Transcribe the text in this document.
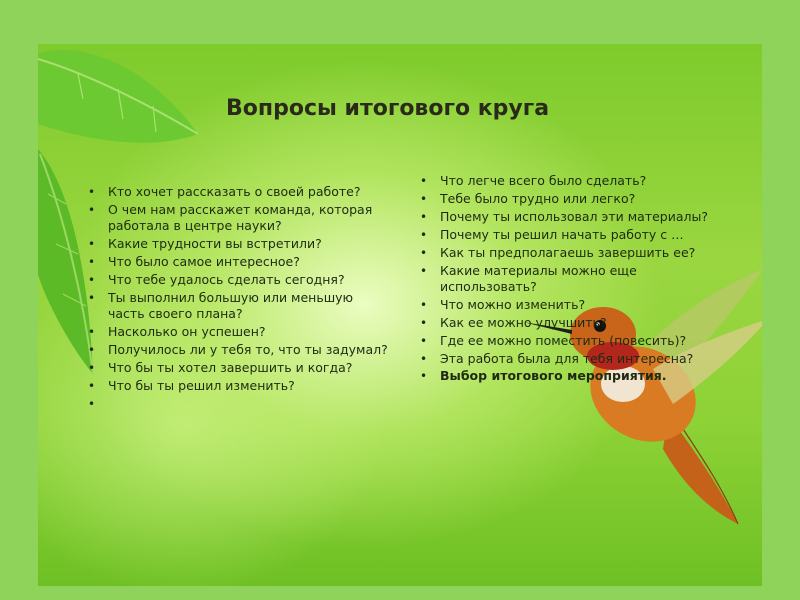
Вопросы итогового круга
• Кто хочет рассказать о своей работе?
• О чем нам расскажет команда, которая работала в центре науки?
• Какие трудности вы встретили?
• Что было самое интересное?
• Что тебе удалось сделать сегодня?
• Ты выполнил большую или меньшую часть своего плана?
• Насколько он успешен?
• Получилось ли у тебя то, что ты задумал?
• Что бы ты хотел завершить и когда?
• Что бы ты решил изменить?
•
• Что легче всего было сделать?
• Тебе было трудно или легко?
• Почему ты использовал эти материалы?
• Почему ты решил начать работу с …
• Как ты предполагаешь завершить ее?
• Какие материалы можно еще использовать?
• Что можно изменить?
• Как ее можно улучшить?
• Где ее можно поместить (повесить)?
• Эта работа была для тебя интересна?
• Выбор итогового мероприятия.
